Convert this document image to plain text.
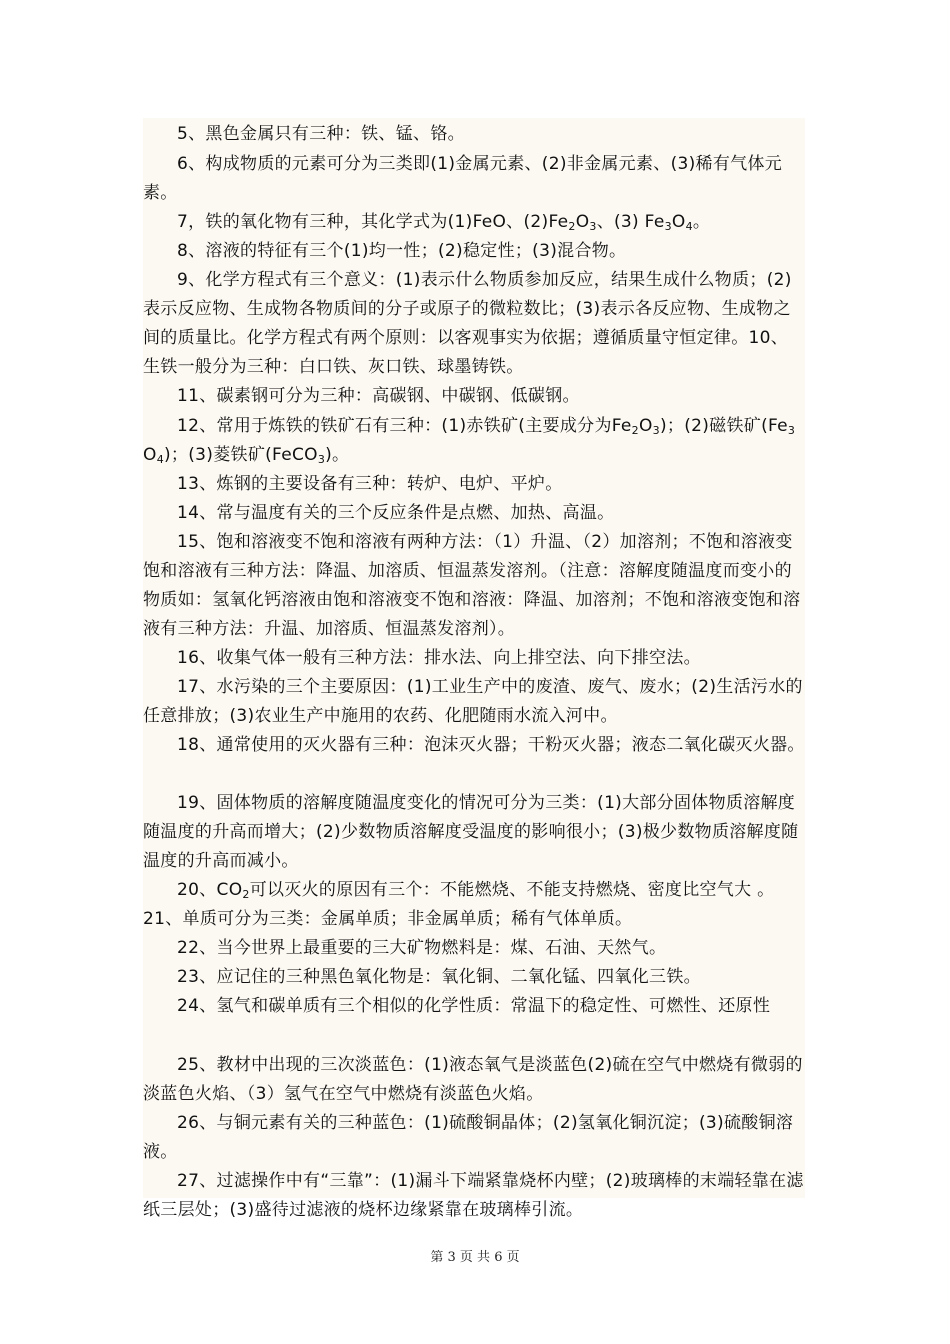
5、黑色金属只有三种：铁、锰、铬。
6、构成物质的元素可分为三类即(1)金属元素、(2)非金属元素、(3)稀有气体元素。
7，铁的氧化物有三种，其化学式为(1)FeO、$(2)Fe_2O_3$、(3) $Fe_3O_4$。
8、溶液的特征有三个(1)均一性；(2)稳定性；(3)混合物。
9、化学方程式有三个意义：(1)表示什么物质参加反应，结果生成什么物质；(2)表示反应物、生成物各物质间的分子或原子的微粒数比；(3)表示各反应物、生成物之间的质量比。化学方程式有两个原则：以客观事实为依据；遵循质量守恒定律。10、生铁一般分为三种：白口铁、灰口铁、球墨铸铁。
11、碳素钢可分为三种：高碳钢、中碳钢、低碳钢。
12、常用于炼铁的铁矿石有三种：(1)赤铁矿(主要成分为$Fe_2O_3$)；(2)磁铁矿$(Fe_3O_4)$；(3)菱铁矿(FeCO$_3$)。
13、炼钢的主要设备有三种：转炉、电炉、平炉。
14、常与温度有关的三个反应条件是点燃、加热、高温。
15、饱和溶液变不饱和溶液有两种方法：（1）升温、（2）加溶剂；不饱和溶液变饱和溶液有三种方法：降温、加溶质、恒温蒸发溶剂。（注意：溶解度随温度而变小的物质如：氢氧化钙溶液由饱和溶液变不饱和溶液：降温、加溶剂；不饱和溶液变饱和溶液有三种方法：升温、加溶质、恒温蒸发溶剂）。
16、收集气体一般有三种方法：排水法、向上排空法、向下排空法。
17、水污染的三个主要原因：(1)工业生产中的废渣、废气、废水；(2)生活污水的任意排放；(3)农业生产中施用的农药、化肥随雨水流入河中。
18、通常使用的灭火器有三种：泡沫灭火器；干粉灭火器；液态二氧化碳灭火器。
19、固体物质的溶解度随温度变化的情况可分为三类：(1)大部分固体物质溶解度随温度的升高而增大；(2)少数物质溶解度受温度的影响很小；(3)极少数物质溶解度随温度的升高而减小。
20、$CO_2$可以灭火的原因有三个：不能燃烧、不能支持燃烧、密度比空气大 。
21、单质可分为三类：金属单质；非金属单质；稀有气体单质。
22、当今世界上最重要的三大矿物燃料是：煤、石油、天然气。
23、应记住的三种黑色氧化物是：氧化铜、二氧化锰、四氧化三铁。
24、氢气和碳单质有三个相似的化学性质：常温下的稳定性、可燃性、还原性
25、教材中出现的三次淡蓝色：(1)液态氧气是淡蓝色(2)硫在空气中燃烧有微弱的淡蓝色火焰、（3）氢气在空气中燃烧有淡蓝色火焰。
26、与铜元素有关的三种蓝色：(1)硫酸铜晶体；(2)氢氧化铜沉淀；(3)硫酸铜溶液。
27、过滤操作中有“三靠”：(1)漏斗下端紧靠烧杯内壁；(2)玻璃棒的末端轻靠在滤纸三层处；(3)盛待过滤液的烧杯边缘紧靠在玻璃棒引流。
第 3 页 共 6 页
